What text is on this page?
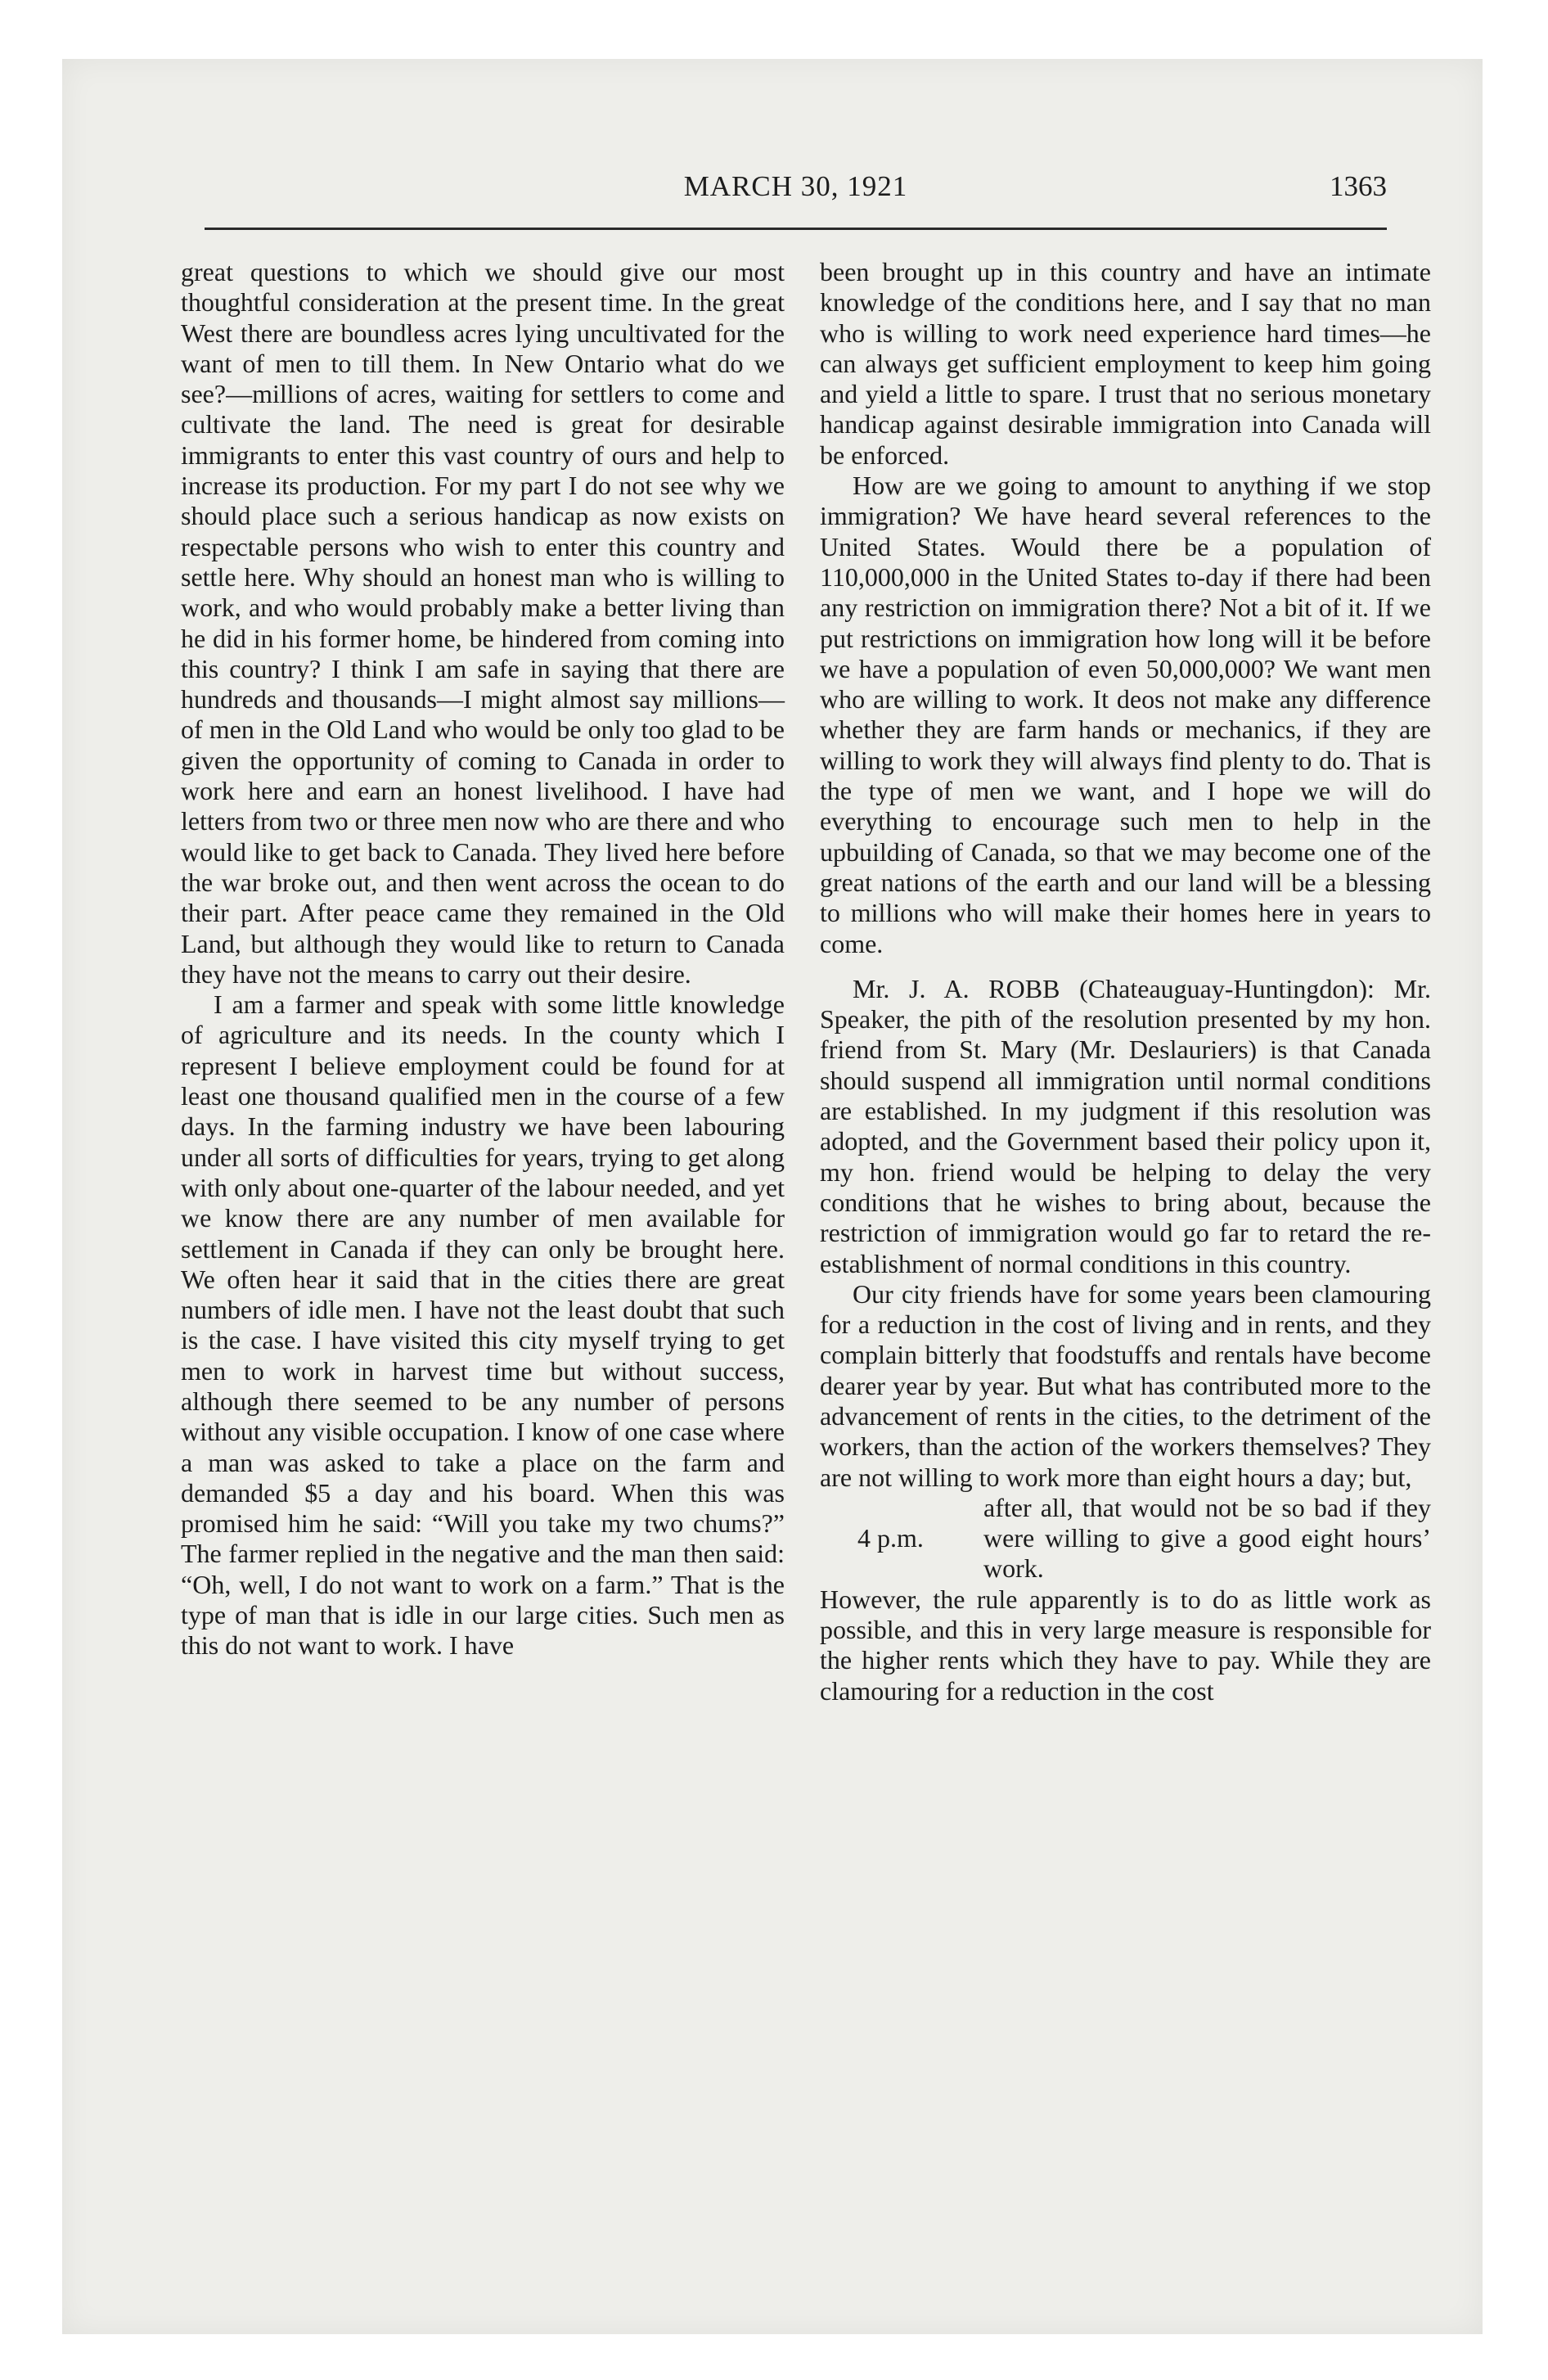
MARCH 30, 1921	1363

great questions to which we should give our most thoughtful consideration at the present time. In the great West there are boundless acres lying uncultivated for the want of men to till them. In New Ontario what do we see?—millions of acres, waiting for settlers to come and cultivate the land. The need is great for desirable immigrants to enter this vast country of ours and help to increase its production. For my part I do not see why we should place such a serious handicap as now exists on respectable persons who wish to enter this country and settle here. Why should an honest man who is willing to work, and who would probably make a better living than he did in his former home, be hindered from coming into this country? I think I am safe in saying that there are hundreds and thousands—I might almost say millions—of men in the Old Land who would be only too glad to be given the opportunity of coming to Canada in order to work here and earn an honest livelihood. I have had letters from two or three men now who are there and who would like to get back to Canada. They lived here before the war broke out, and then went across the ocean to do their part. After peace came they remained in the Old Land, but although they would like to return to Canada they have not the means to carry out their desire.

I am a farmer and speak with some little knowledge of agriculture and its needs. In the county which I represent I believe employment could be found for at least one thousand qualified men in the course of a few days. In the farming industry we have been labouring under all sorts of difficulties for years, trying to get along with only about one-quarter of the labour needed, and yet we know there are any number of men available for settlement in Canada if they can only be brought here. We often hear it said that in the cities there are great numbers of idle men. I have not the least doubt that such is the case. I have visited this city myself trying to get men to work in harvest time but without success, although there seemed to be any number of persons without any visible occupation. I know of one case where a man was asked to take a place on the farm and demanded $5 a day and his board. When this was promised him he said: “Will you take my two chums?” The farmer replied in the negative and the man then said: “Oh, well, I do not want to work on a farm.” That is the type of man that is idle in our large cities. Such men as this do not want to work. I have

been brought up in this country and have an intimate knowledge of the conditions here, and I say that no man who is willing to work need experience hard times—he can always get sufficient employment to keep him going and yield a little to spare. I trust that no serious monetary handicap against desirable immigration into Canada will be enforced.

How are we going to amount to anything if we stop immigration? We have heard several references to the United States. Would there be a population of 110,000,000 in the United States to-day if there had been any restriction on immigration there? Not a bit of it. If we put restrictions on immigration how long will it be before we have a population of even 50,000,000? We want men who are willing to work. It deos not make any difference whether they are farm hands or mechanics, if they are willing to work they will always find plenty to do. That is the type of men we want, and I hope we will do everything to encourage such men to help in the upbuilding of Canada, so that we may become one of the great nations of the earth and our land will be a blessing to millions who will make their homes here in years to come.

Mr. J. A. ROBB (Chateauguay-Huntingdon): Mr. Speaker, the pith of the resolution presented by my hon. friend from St. Mary (Mr. Deslauriers) is that Canada should suspend all immigration until normal conditions are established. In my judgment if this resolution was adopted, and the Government based their policy upon it, my hon. friend would be helping to delay the very conditions that he wishes to bring about, because the restriction of immigration would go far to retard the re-establishment of normal conditions in this country.

Our city friends have for some years been clamouring for a reduction in the cost of living and in rents, and they complain bitterly that foodstuffs and rentals have become dearer year by year. But what has contributed more to the advancement of rents in the cities, to the detriment of the workers, than the action of the workers themselves? They are not willing to work more than eight hours a day; but,

4 p.m.

after all, that would not be so bad if they were willing to give a good eight hours’ work.

However, the rule apparently is to do as little work as possible, and this in very large measure is responsible for the higher rents which they have to pay. While they are clamouring for a reduction in the cost
